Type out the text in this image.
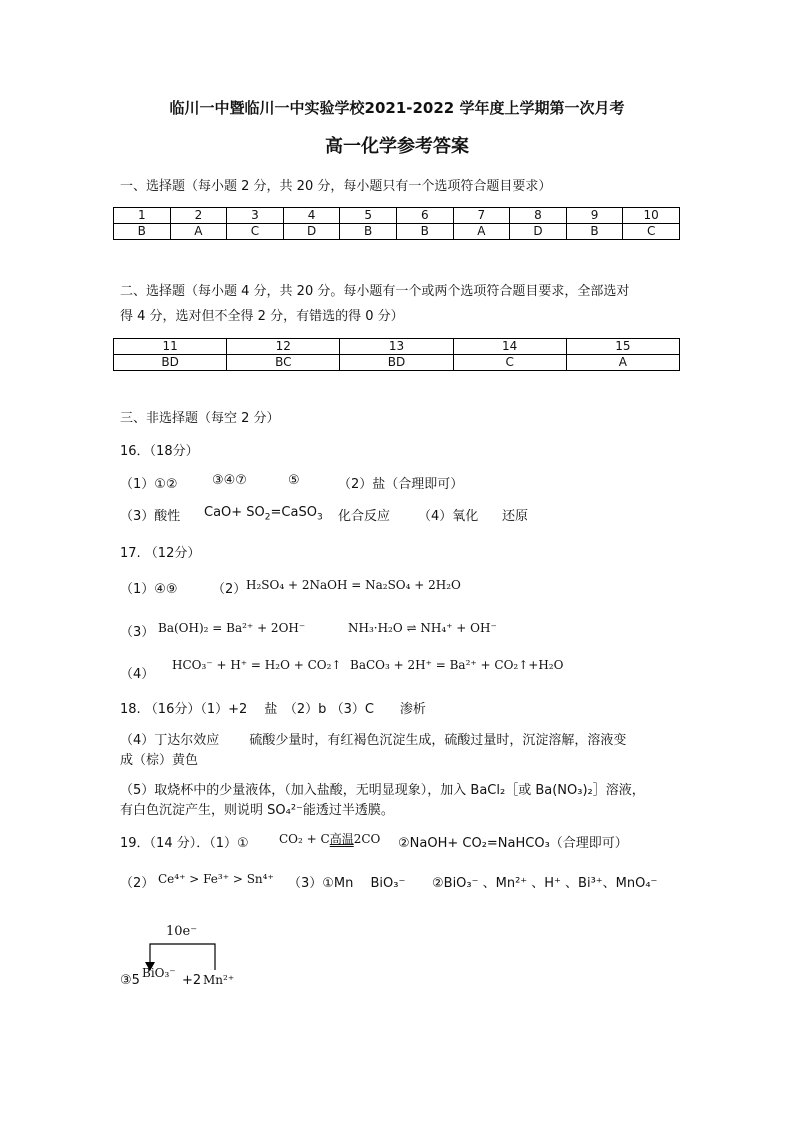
临川一中暨临川一中实验学校2021-2022 学年度上学期第一次月考
高一化学参考答案
一、选择题（每小题 2 分，共 20 分，每小题只有一个选项符合题目要求）
1	2	3	4	5	6	7	8	9	10
B	A	C	D	B	B	A	D	B	C
二、选择题（每小题 4 分，共 20 分。每小题有一个或两个选项符合题目要求，全部选对
得 4 分，选对但不全得 2 分，有错选的得 0 分）
11	12	13	14	15
BD	BC	BD	C	A
三、非选择题（每空 2 分）
16．（18分）
（1）①②	③④⑦	⑤	（2）盐（合理即可）
（3）酸性 $CaO+ SO_2=CaSO_3$ 化合反应 （4）氧化 还原
17. （12分）
（1）④⑨	（2） H₂SO₄ + 2NaOH = Na₂SO₄ + 2H₂O
（3） Ba(OH)₂ = Ba²⁺ + 2OH⁻	NH₃·H₂O ⇌ NH₄⁺ + OH⁻
（4）
HCO₃⁻ + H⁺ = H₂O + CO₂↑ BaCO₃ + 2H⁺ = Ba²⁺ + CO₂↑+H₂O
18. （16分）（1）+2　 盐　（2）b （3）C　　渗析
（4）丁达尔效应　　 硫酸少量时，有红褐色沉淀生成，硫酸过量时，沉淀溶解，溶液变
成（棕）黄色
（5）取烧杯中的少量液体，（加入盐酸，无明显现象），加入 BaCl₂［或 Ba(NO₃)₂］溶液，
有白色沉淀产生，则说明 SO₄²⁻能透过半透膜。
19．（14 分）．（1）①	CO₂ + C高温2CO ②NaOH+ CO₂=NaHCO₃（合理即可）
（2） Ce⁴⁺ > Fe³⁺ > Sn⁴⁺ （3）①Mn　 BiO₃⁻ ②BiO₃⁻ 、Mn²⁺ 、H⁺ 、Bi³⁺、MnO₄⁻
10e⁻
③5 BiO₃⁻ +2 Mn²⁺
